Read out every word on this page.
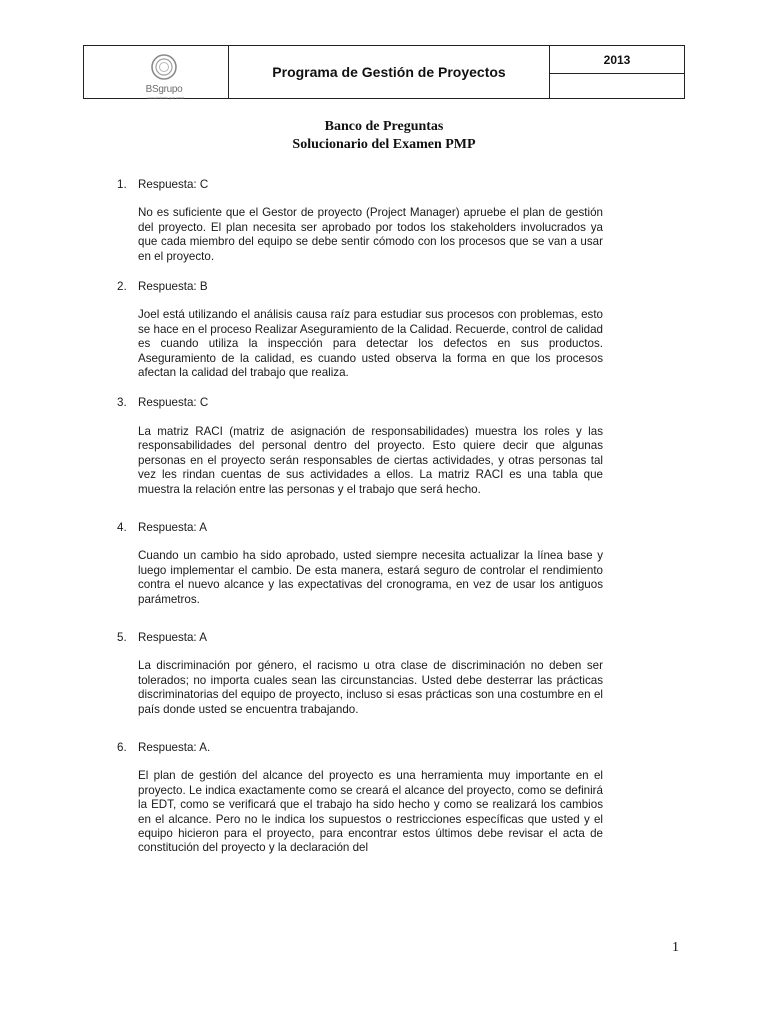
BSgrupo
conocimiento que crece
Programa de Gestión de Proyectos
2013
Banco de Preguntas
Solucionario del Examen PMP
1. Respuesta: C
No es suficiente que el Gestor de proyecto (Project Manager) apruebe el plan de gestión del proyecto. El plan necesita ser aprobado por todos los stakeholders involucrados ya que cada miembro del equipo se debe sentir cómodo con los procesos que se van a usar en el proyecto.
2. Respuesta: B
Joel está utilizando el análisis causa raíz para estudiar sus procesos con problemas, esto se hace en el proceso Realizar Aseguramiento de la Calidad. Recuerde, control de calidad es cuando utiliza la inspección para detectar los defectos en sus productos. Aseguramiento de la calidad, es cuando usted observa la forma en que los procesos afectan la calidad del trabajo que realiza.
3. Respuesta: C
La matriz RACI (matriz de asignación de responsabilidades) muestra los roles y las responsabilidades del personal dentro del proyecto. Esto quiere decir que algunas personas en el proyecto serán responsables de ciertas actividades, y otras personas tal vez les rindan cuentas de sus actividades a ellos. La matriz RACI es una tabla que muestra la relación entre las personas y el trabajo que será hecho.
4. Respuesta: A
Cuando un cambio ha sido aprobado, usted siempre necesita actualizar la línea base y luego implementar el cambio. De esta manera, estará seguro de controlar el rendimiento contra el nuevo alcance y las expectativas del cronograma, en vez de usar los antiguos parámetros.
5. Respuesta: A
La discriminación por género, el racismo u otra clase de discriminación no deben ser tolerados; no importa cuales sean las circunstancias. Usted debe desterrar las prácticas discriminatorias del equipo de proyecto, incluso si esas prácticas son una costumbre en el país donde usted se encuentra trabajando.
6. Respuesta: A.
El plan de gestión del alcance del proyecto es una herramienta muy importante en el proyecto. Le indica exactamente como se creará el alcance del proyecto, como se definirá la EDT, como se verificará que el trabajo ha sido hecho y como se realizará los cambios en el alcance. Pero no le indica los supuestos o restricciones específicas que usted y el equipo hicieron para el proyecto, para encontrar estos últimos debe revisar el acta de constitución del proyecto y la declaración del
1
